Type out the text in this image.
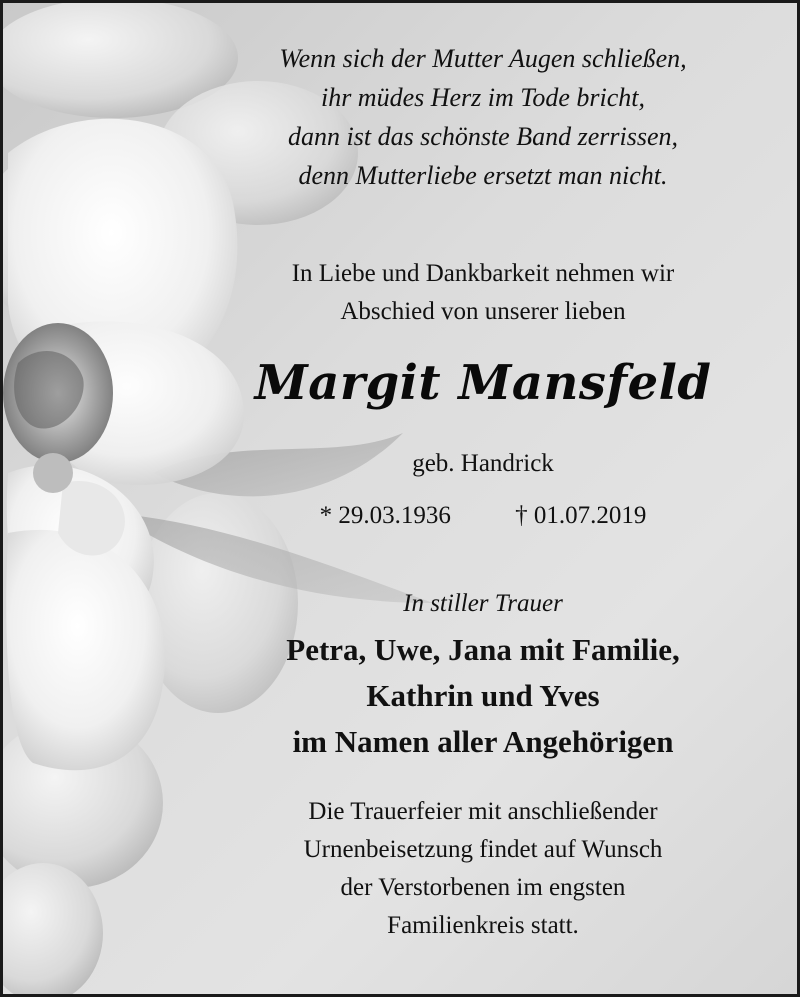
Wenn sich der Mutter Augen schließen,

ihr müdes Herz im Tode bricht,

dann ist das schönste Band zerrissen,

denn Mutterliebe ersetzt man nicht.

In Liebe und Dankbarkeit nehmen wir

Abschied von unserer lieben

Margit Mansfeld
geb. Handrick
* 29.03.1936	† 01.07.2019
In stiller Trauer

Petra, Uwe, Jana mit Familie,

Kathrin und Yves

im Namen aller Angehörigen

Die Trauerfeier mit anschließender

Urnenbeisetzung findet auf Wunsch

der Verstorbenen im engsten

Familienkreis statt.
